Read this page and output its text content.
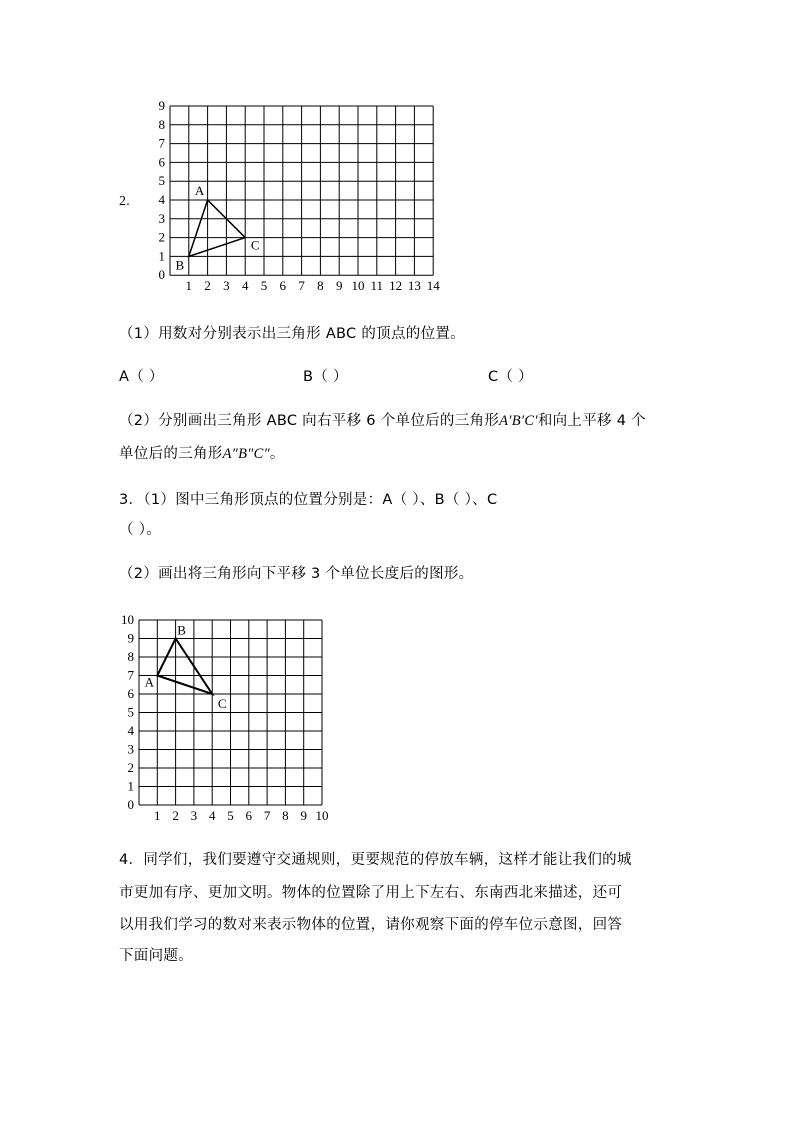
2.
1 2 3 4 5 6 7 8 9 10 11 12 13 14
9
8
7
6
5
4
3
2
1
0
A
B
C
（1）用数对分别表示出三角形 ABC 的顶点的位置。
A（ ）	B（ ）	C（ ）
（2）分别画出三角形 ABC 向右平移 6 个单位后的三角形A′B′C′和向上平移 4 个
单位后的三角形A″B″C″。
3．（1）图中三角形顶点的位置分别是：A（ ）、B（ ）、C
（ ）。
（2）画出将三角形向下平移 3 个单位长度后的图形。
1 2 3 4 5 6 7 8 9 10
10
9
8
7
6
5
4
3
2
1
0
A
B
C
4．同学们，我们要遵守交通规则，更要规范的停放车辆，这样才能让我们的城
市更加有序、更加文明。物体的位置除了用上下左右、东南西北来描述，还可
以用我们学习的数对来表示物体的位置，请你观察下面的停车位示意图，回答
下面问题。
